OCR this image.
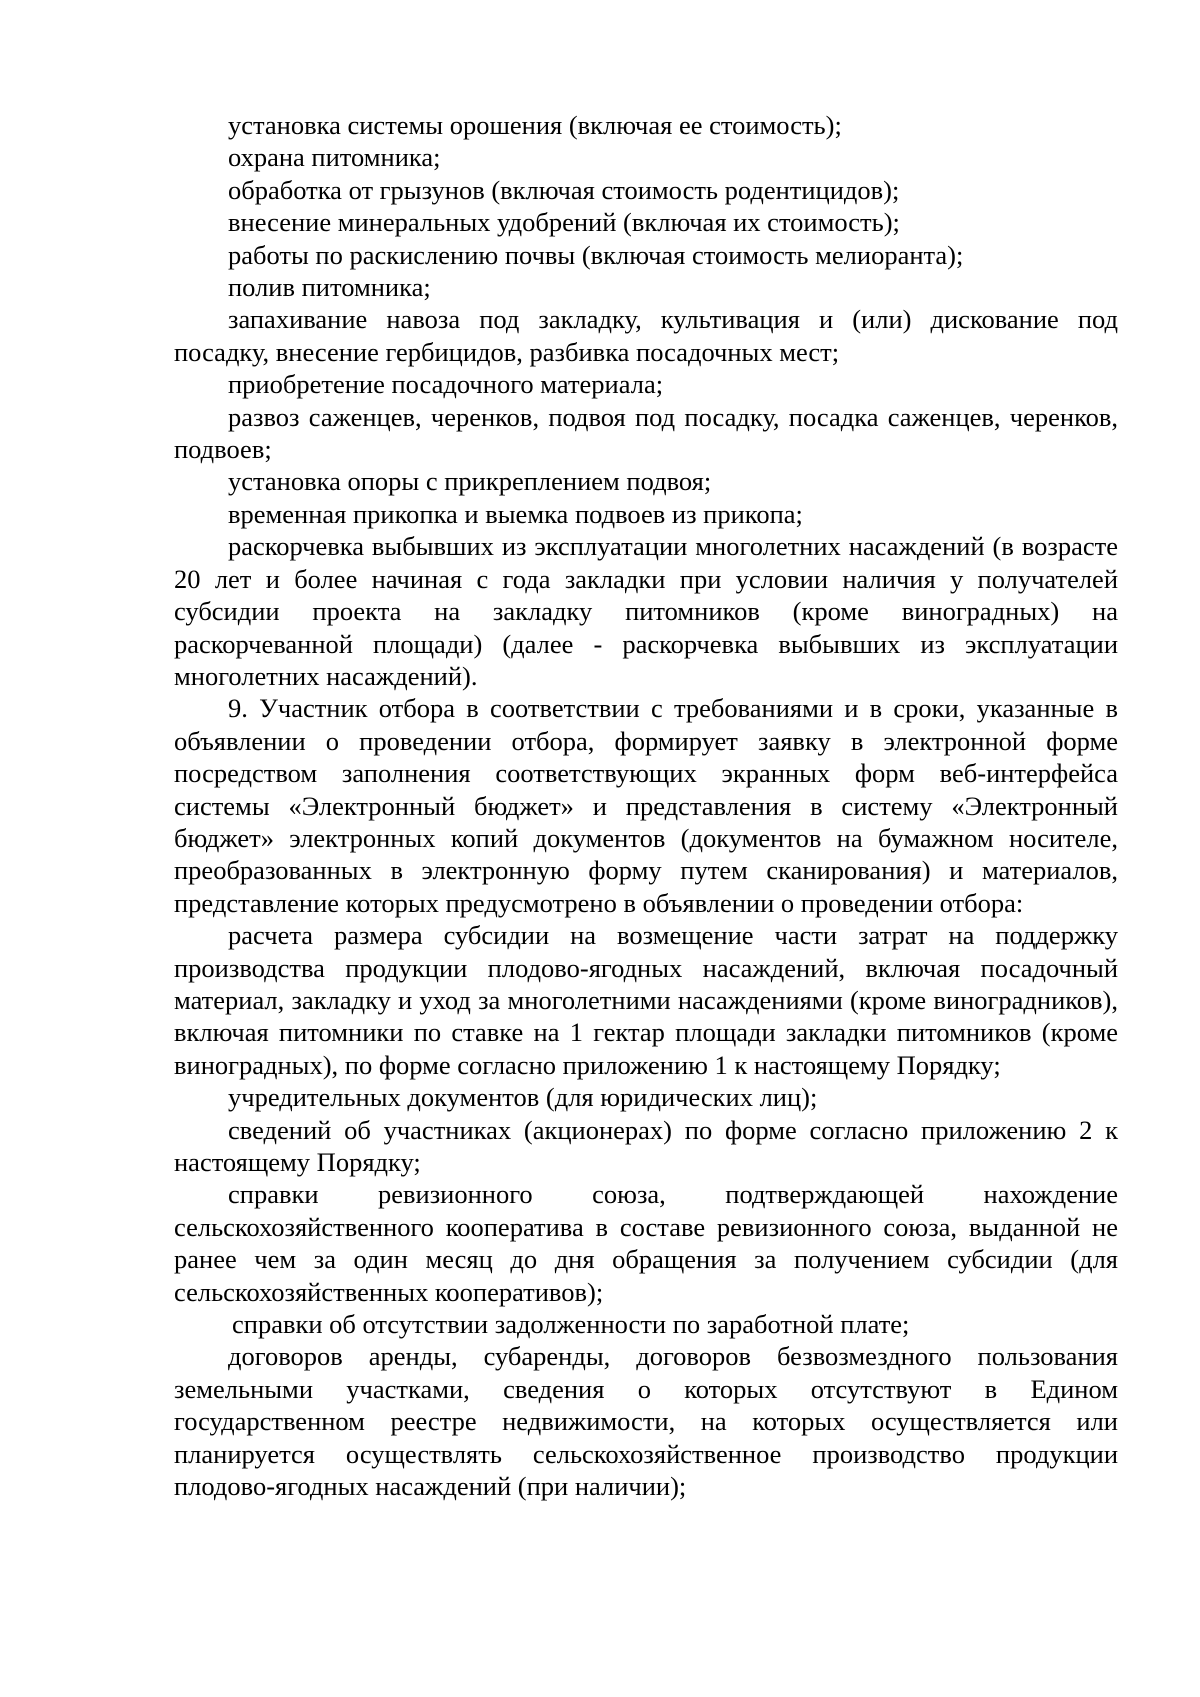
установка системы орошения (включая ее стоимость);

охрана питомника;

обработка от грызунов (включая стоимость родентицидов);

внесение минеральных удобрений (включая их стоимость);

работы по раскислению почвы (включая стоимость мелиоранта);

полив питомника;

запахивание навоза под закладку, культивация и (или) дискование под посадку, внесение гербицидов, разбивка посадочных мест;

приобретение посадочного материала;

развоз саженцев, черенков, подвоя под посадку, посадка саженцев, черенков, подвоев;

установка опоры с прикреплением подвоя;

временная прикопка и выемка подвоев из прикопа;

раскорчевка выбывших из эксплуатации многолетних насаждений (в возрасте 20 лет и более начиная с года закладки при условии наличия у получателей субсидии проекта на закладку питомников (кроме виноградных) на раскорчеванной площади) (далее - раскорчевка выбывших из эксплуатации многолетних насаждений).

9. Участник отбора в соответствии с требованиями и в сроки, указанные в объявлении о проведении отбора, формирует заявку в электронной форме посредством заполнения соответствующих экранных форм веб-интерфейса системы «Электронный бюджет» и представления в систему «Электронный бюджет» электронных копий документов (документов на бумажном носителе, преобразованных в электронную форму путем сканирования) и материалов, представление которых предусмотрено в объявлении о проведении отбора:

расчета размера субсидии на возмещение части затрат на поддержку производства продукции плодово-ягодных насаждений, включая посадочный материал, закладку и уход за многолетними насаждениями (кроме виноградников), включая питомники по ставке на 1 гектар площади закладки питомников (кроме виноградных), по форме согласно приложению 1 к настоящему Порядку;

учредительных документов (для юридических лиц);

сведений об участниках (акционерах) по форме согласно приложению 2 к настоящему Порядку;

справки ревизионного союза, подтверждающей нахождение сельскохозяйственного кооператива в составе ревизионного союза, выданной не ранее чем за один месяц до дня обращения за получением субсидии (для сельскохозяйственных кооперативов);

справки об отсутствии задолженности по заработной плате;

договоров аренды, субаренды, договоров безвозмездного пользования земельными участками, сведения о которых отсутствуют в Едином государственном реестре недвижимости, на которых осуществляется или планируется осуществлять сельскохозяйственное производство продукции плодово-ягодных насаждений (при наличии);
